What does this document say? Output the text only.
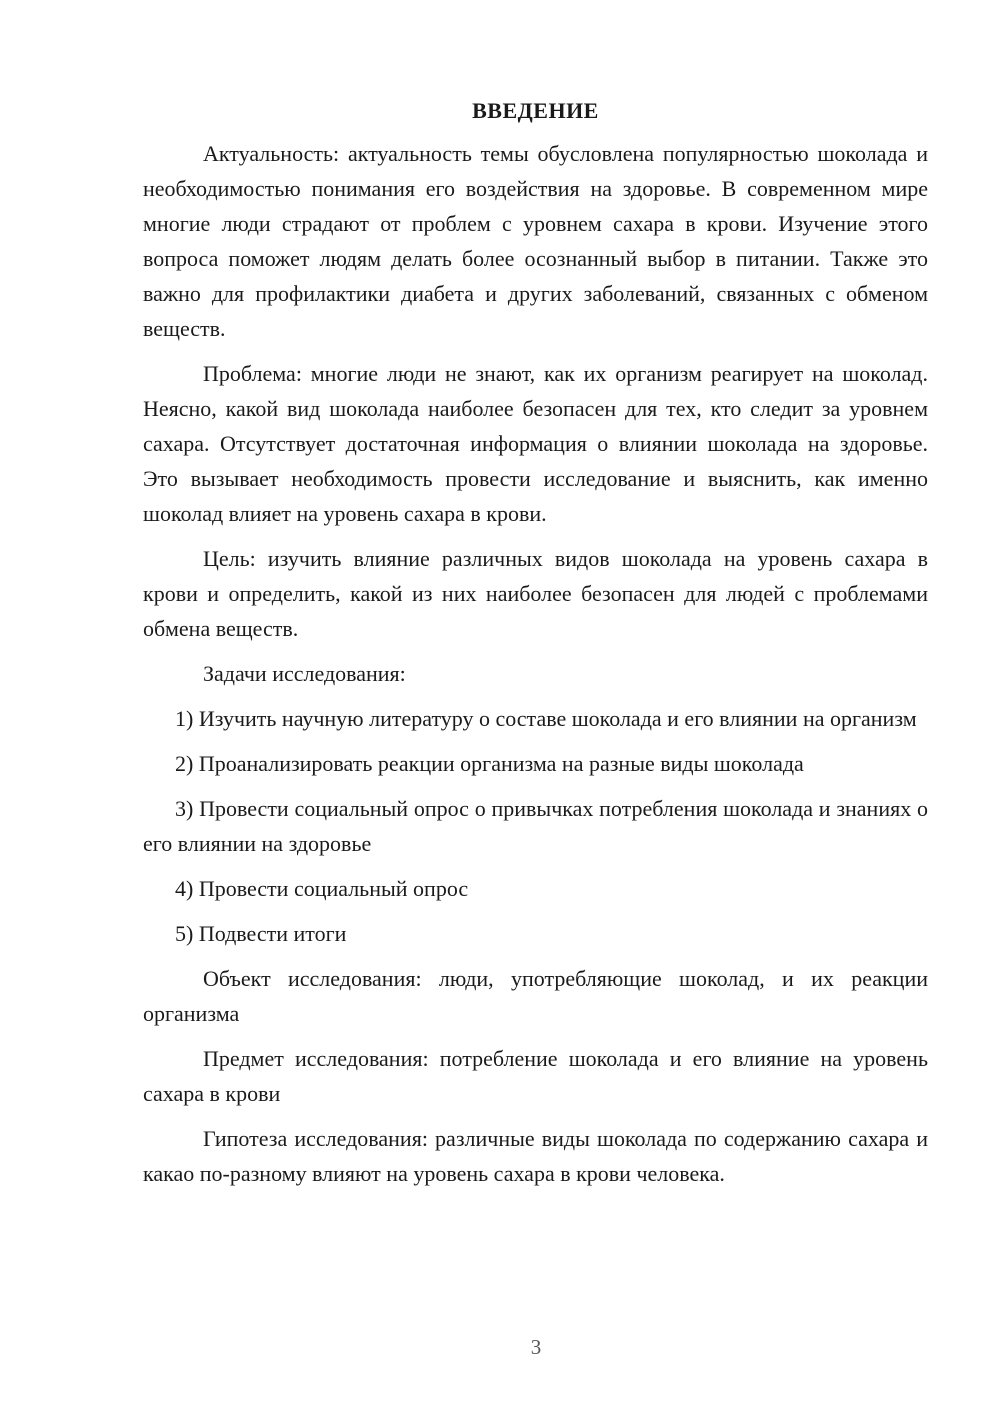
ВВЕДЕНИЕ

Актуальность: актуальность темы обусловлена популярностью шоколада и необходимостью понимания его воздействия на здоровье. В современном мире многие люди страдают от проблем с уровнем сахара в крови. Изучение этого вопроса поможет людям делать более осознанный выбор в питании. Также это важно для профилактики диабета и других заболеваний, связанных с обменом веществ.

Проблема: многие люди не знают, как их организм реагирует на шоколад. Неясно, какой вид шоколада наиболее безопасен для тех, кто следит за уровнем сахара. Отсутствует достаточная информация о влиянии шоколада на здоровье. Это вызывает необходимость провести исследование и выяснить, как именно шоколад влияет на уровень сахара в крови.

Цель: изучить влияние различных видов шоколада на уровень сахара в крови и определить, какой из них наиболее безопасен для людей с проблемами обмена веществ.

Задачи исследования:

1) Изучить научную литературу о составе шоколада и его влиянии на организм

2) Проанализировать реакции организма на разные виды шоколада

3) Провести социальный опрос о привычках потребления шоколада и знаниях о его влиянии на здоровье

4) Провести социальный опрос

5) Подвести итоги

Объект исследования: люди, употребляющие шоколад, и их реакции организма

Предмет исследования: потребление шоколада и его влияние на уровень сахара в крови

Гипотеза исследования: различные виды шоколада по содержанию сахара и какао по-разному влияют на уровень сахара в крови человека.

3
